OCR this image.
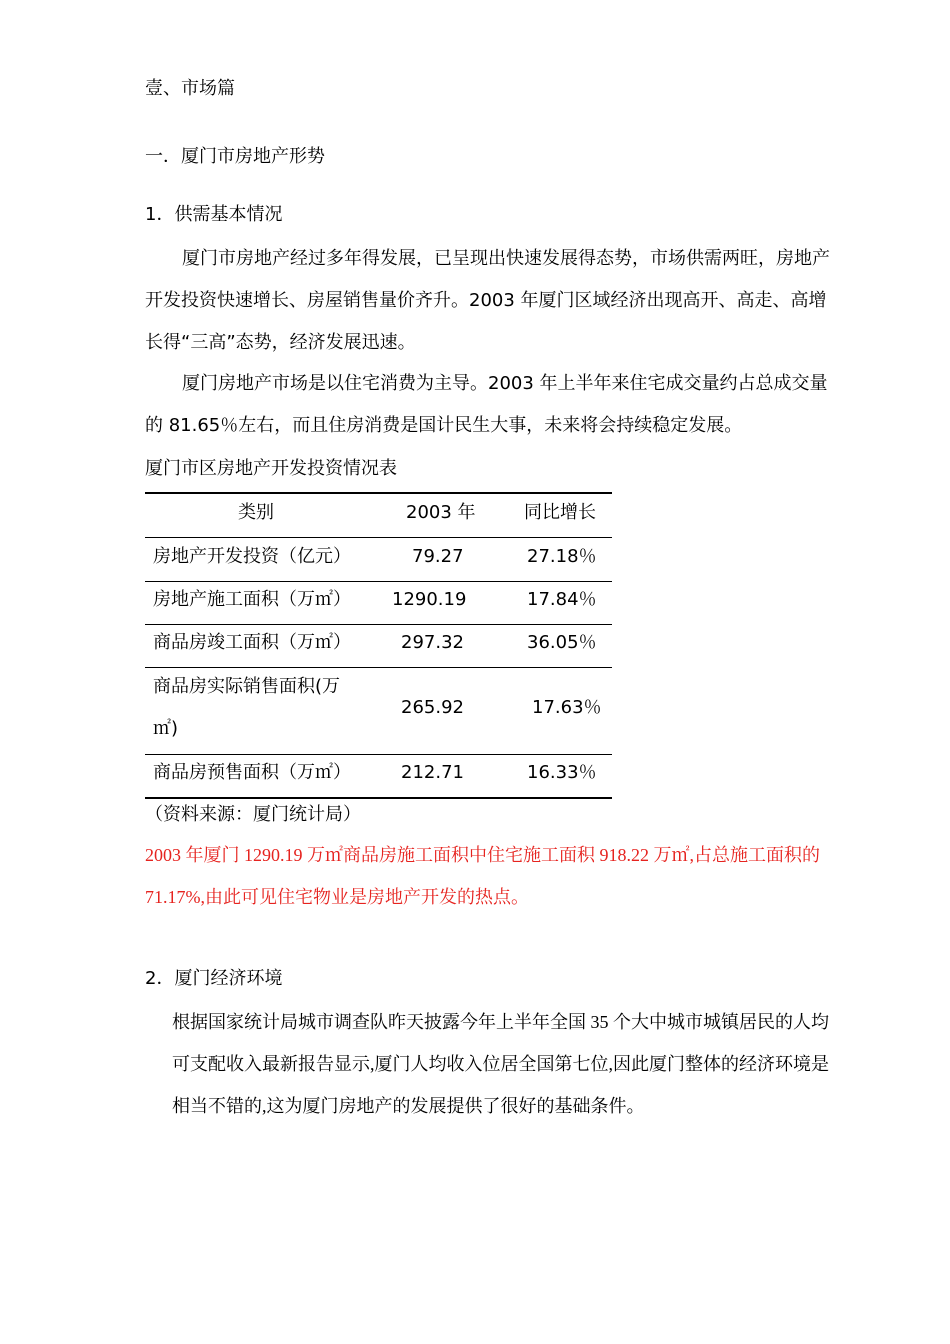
壹、市场篇
一．厦门市房地产形势
1．供需基本情况
厦门市房地产经过多年得发展，已呈现出快速发展得态势，市场供需两旺，房地产
开发投资快速增长、房屋销售量价齐升。2003 年厦门区域经济出现高开、高走、高增
长得“三高”态势，经济发展迅速。
厦门房地产市场是以住宅消费为主导。2003 年上半年来住宅成交量约占总成交量
的 81.65％左右，而且住房消费是国计民生大事，未来将会持续稳定发展。
厦门市区房地产开发投资情况表
类别	2003 年	同比增长
房地产开发投资（亿元）	79.27	27.18％
房地产施工面积（万㎡） 1290.19	17.84％
商品房竣工面积（万㎡）	297.32	36.05％
商品房实际销售面积(万
㎡)
265.92	17.63％
商品房预售面积（万㎡）	212.71	16.33％
（资料来源：厦门统计局）
2003 年厦门 1290.19 万㎡商品房施工面积中住宅施工面积 918.22 万㎡,占总施工面积的
71.17%,由此可见住宅物业是房地产开发的热点。
2．厦门经济环境
根据国家统计局城市调查队昨天披露今年上半年全国 35 个大中城市城镇居民的人均
可支配收入最新报告显示,厦门人均收入位居全国第七位,因此厦门整体的经济环境是
相当不错的,这为厦门房地产的发展提供了很好的基础条件。
